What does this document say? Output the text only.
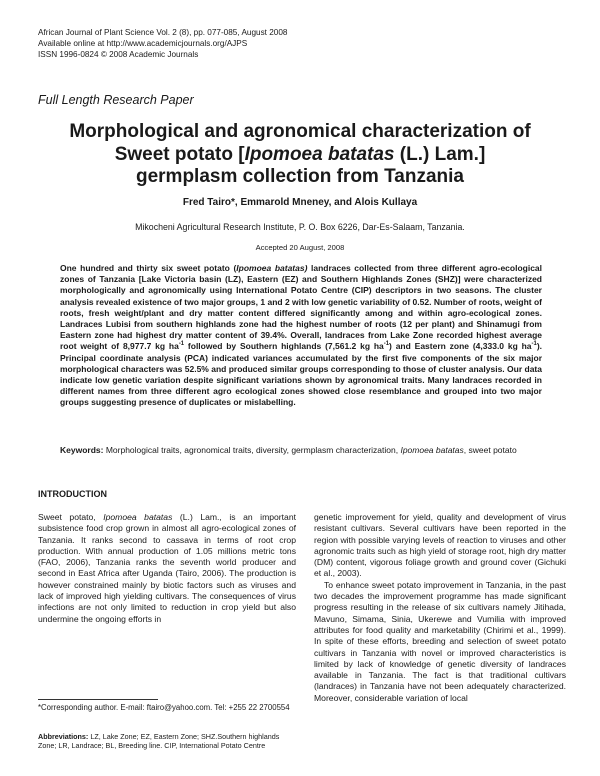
African Journal of Plant Science Vol. 2 (8), pp. 077-085, August 2008
Available online at http://www.academicjournals.org/AJPS
ISSN 1996-0824 © 2008 Academic Journals
Full Length Research Paper
Morphological and agronomical characterization of
Sweet potato [Ipomoea batatas (L.) Lam.]
germplasm collection from Tanzania
Fred Tairo*, Emmarold Mneney, and Alois Kullaya
Mikocheni Agricultural Research Institute, P. O. Box 6226, Dar-Es-Salaam, Tanzania.
Accepted 20 August, 2008
One hundred and thirty six sweet potato (Ipomoea batatas) landraces collected from three different agro-ecological zones of Tanzania [Lake Victoria basin (LZ), Eastern (EZ) and Southern Highlands Zones (SHZ)] were characterized morphologically and agronomically using International Potato Centre (CIP) descriptors in two seasons. The cluster analysis revealed existence of two major groups, 1 and 2 with low genetic variability of 0.52. Number of roots, weight of roots, fresh weight/plant and dry matter content differed significantly among and within agro-ecological zones. Landraces Lubisi from southern highlands zone had the highest number of roots (12 per plant) and Shinamugi from Eastern zone had highest dry matter content of 39.4%. Overall, landraces from Lake Zone recorded highest average root weight of 8,977.7 kg $ha^{-1}$ followed by Southern highlands (7,561.2 kg $ha^{-1}$) and Eastern zone (4,333.0 kg $ha^{-1}$). Principal coordinate analysis (PCA) indicated variances accumulated by the first five components of the six major morphological characters was 52.5% and produced similar groups corresponding to those of cluster analysis. Our data indicate low genetic variation despite significant variations shown by agronomical traits. Many landraces recorded in different names from three different agro ecological zones showed close resemblance and grouped into two major groups suggesting presence of duplicates or mislabelling.
Keywords: Morphological traits, agronomical traits, diversity, germplasm characterization, Ipomoea batatas, sweet potato
INTRODUCTION

Sweet potato, Ipomoea batatas (L.) Lam., is an important subsistence food crop grown in almost all agro-ecological zones of Tanzania. It ranks second to cassava in terms of root crop production. With annual production of 1.05 millions metric tons (FAO, 2006), Tanzania ranks the seventh world producer and second in East Africa after Uganda (Tairo, 2006). The production is however constrained mainly by biotic factors such as viruses and lack of improved high yielding cultivars. The consequences of virus infections are not only limited to reduction in crop yield but also undermine the ongoing efforts in

genetic improvement for yield, quality and development of virus resistant cultivars. Several cultivars have been reported in the region with possible varying levels of reaction to viruses and other agronomic traits such as high yield of storage root, high dry matter (DM) content, vigorous foliage growth and ground cover (Gichuki et al., 2003).

To enhance sweet potato improvement in Tanzania, in the past two decades the improvement programme has made significant progress resulting in the release of six cultivars namely Jitihada, Mavuno, Simama, Sinia, Ukerewe and Vumilia with improved attributes for food quality and marketability (Chirimi et al., 1999). In spite of these efforts, breeding and selection of sweet potato cultivars in Tanzania with novel or improved characteristics is limited by lack of knowledge of genetic diversity of landraces available in Tanzania. The fact is that traditional cultivars (landraces) in Tanzania have not been adequately characterized. Moreover, considerable variation of local

*Corresponding author. E-mail: ftairo@yahoo.com. Tel: +255 22 2700554
Abbreviations: LZ, Lake Zone; EZ, Eastern Zone; SHZ.Southern highlands Zone; LR, Landrace; BL, Breeding line. CIP, International Potato Centre
